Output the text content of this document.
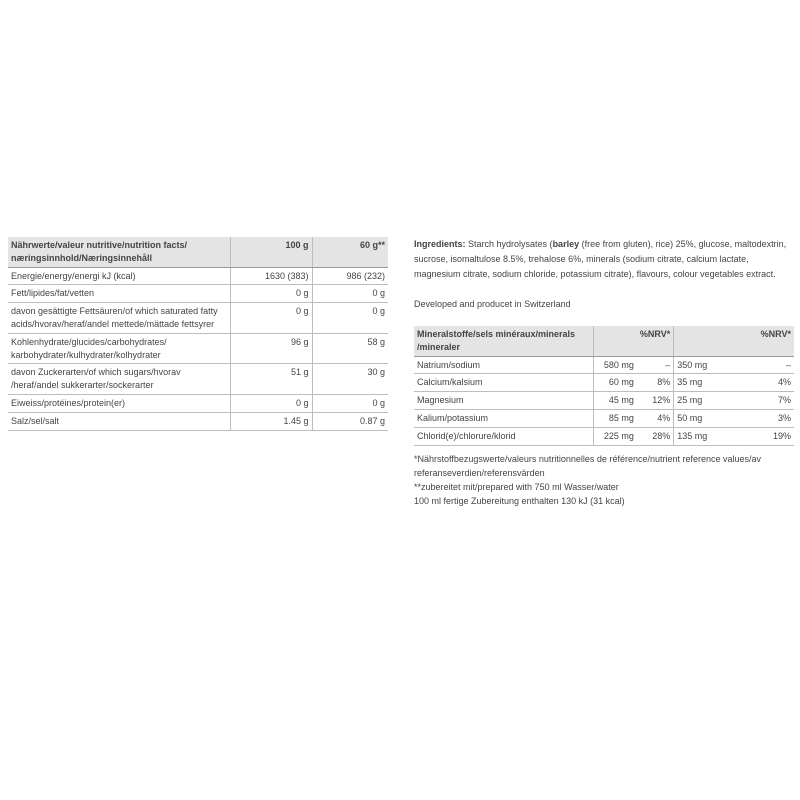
Nährwerte/valeur nutritive/nutrition facts/ næringsinnhold/Næringsinnehåll	100 g	60 g**
Energie/energy/energi kJ (kcal)	1630 (383)	986 (232)
Fett/lipides/fat/vetten	0 g	0 g
davon gesättigte Fettsäuren/of which saturated fatty acids/hvorav/heraf/andel mettede/mättade fettsyrer	0 g	0 g
Kohlenhydrate/glucides/carbohydrates/ karbohydrater/kulhydrater/kolhydrater	96 g	58 g
davon Zuckerarten/of which sugars/hvorav /heraf/andel sukkerarter/sockerarter	51 g	30 g
Eiweiss/protéines/protein(er)	0 g	0 g
Salz/sel/salt	1.45 g	0.87 g

Ingredients: Starch hydrolysates (barley (free from gluten), rice) 25%, glucose, maltodextrin, sucrose, isomaltulose 8.5%, trehalose 6%, minerals (sodium citrate, calcium lactate, magnesium citrate, sodium chloride, potassium citrate), flavours, colour vegetables extract.

Developed and producet in Switzerland

Mineralstoffe/sels minéraux/minerals /mineraler		%NRV*		%NRV*
Natrium/sodium	580 mg	–	350 mg	–
Calcium/kalsium	60 mg	8%	35 mg	4%
Magnesium	45 mg	12%	25 mg	7%
Kalium/potassium	85 mg	4%	50 mg	3%
Chlorid(e)/chlorure/klorid	225 mg	28%	135 mg	19%

*Nährstoffbezugswerte/valeurs nutritionnelles de référence/nutrient reference values/av referanseverdien/referensvärden

**zubereitet mit/prepared with 750 ml Wasser/water

100 ml fertige Zubereitung enthalten 130 kJ (31 kcal)
